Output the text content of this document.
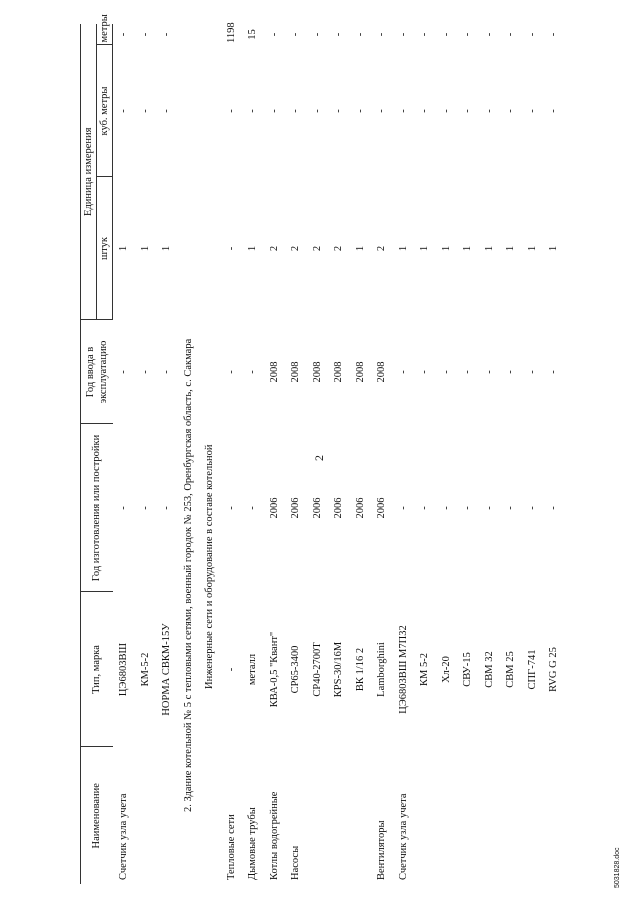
2
Наименование	Тип, марка	Год изготовления или постройки	Год ввода в эксплуатацию	Единица измерения		
				штук	куб. метры	метры
Счетчик узла учета	ЦЭ6803ВШ	-	-	1	-	-
	КМ-5-2	-	-	1	-	-
	НОРМА СВКМ-15У	-	-	1	-	-
2. Здание котельной № 5 с тепловыми сетями, военный городок № 253, Оренбургская область, с. Сакмара						
Инженерные сети и оборудование в составе котельной						
Тепловые сети	-	-	-	-	-	1198
Дымовые трубы	металл	-	-	1	-	15
Котлы водогрейные	КВА-0,5 "Квант"	2006	2008	2	-	-
Насосы	СР65-3400	2006	2008	2	-	-
	СР40-2700Т	2006	2008	2	-	-
	КРS-30/16М	2006	2008	2	-	-
	ВК 1/16 2	2006	2008	1	-	-
Вентиляторы	Lamborghini	2006	2008	2	-	-
Счетчик узла учета	ЦЭ6803ВШ М7П32	-	-	1	-	-
	КМ 5-2	-	-	1	-	-
	Хл-20	-	-	1	-	-
	СВУ-15	-	-	1	-	-
	СВМ 32	-	-	1	-	-
	СВМ 25	-	-	1	-	-
	СПГ-741	-	-	1	-	-
	RVG G 25	-	-	1	-	-
5031828.doc
